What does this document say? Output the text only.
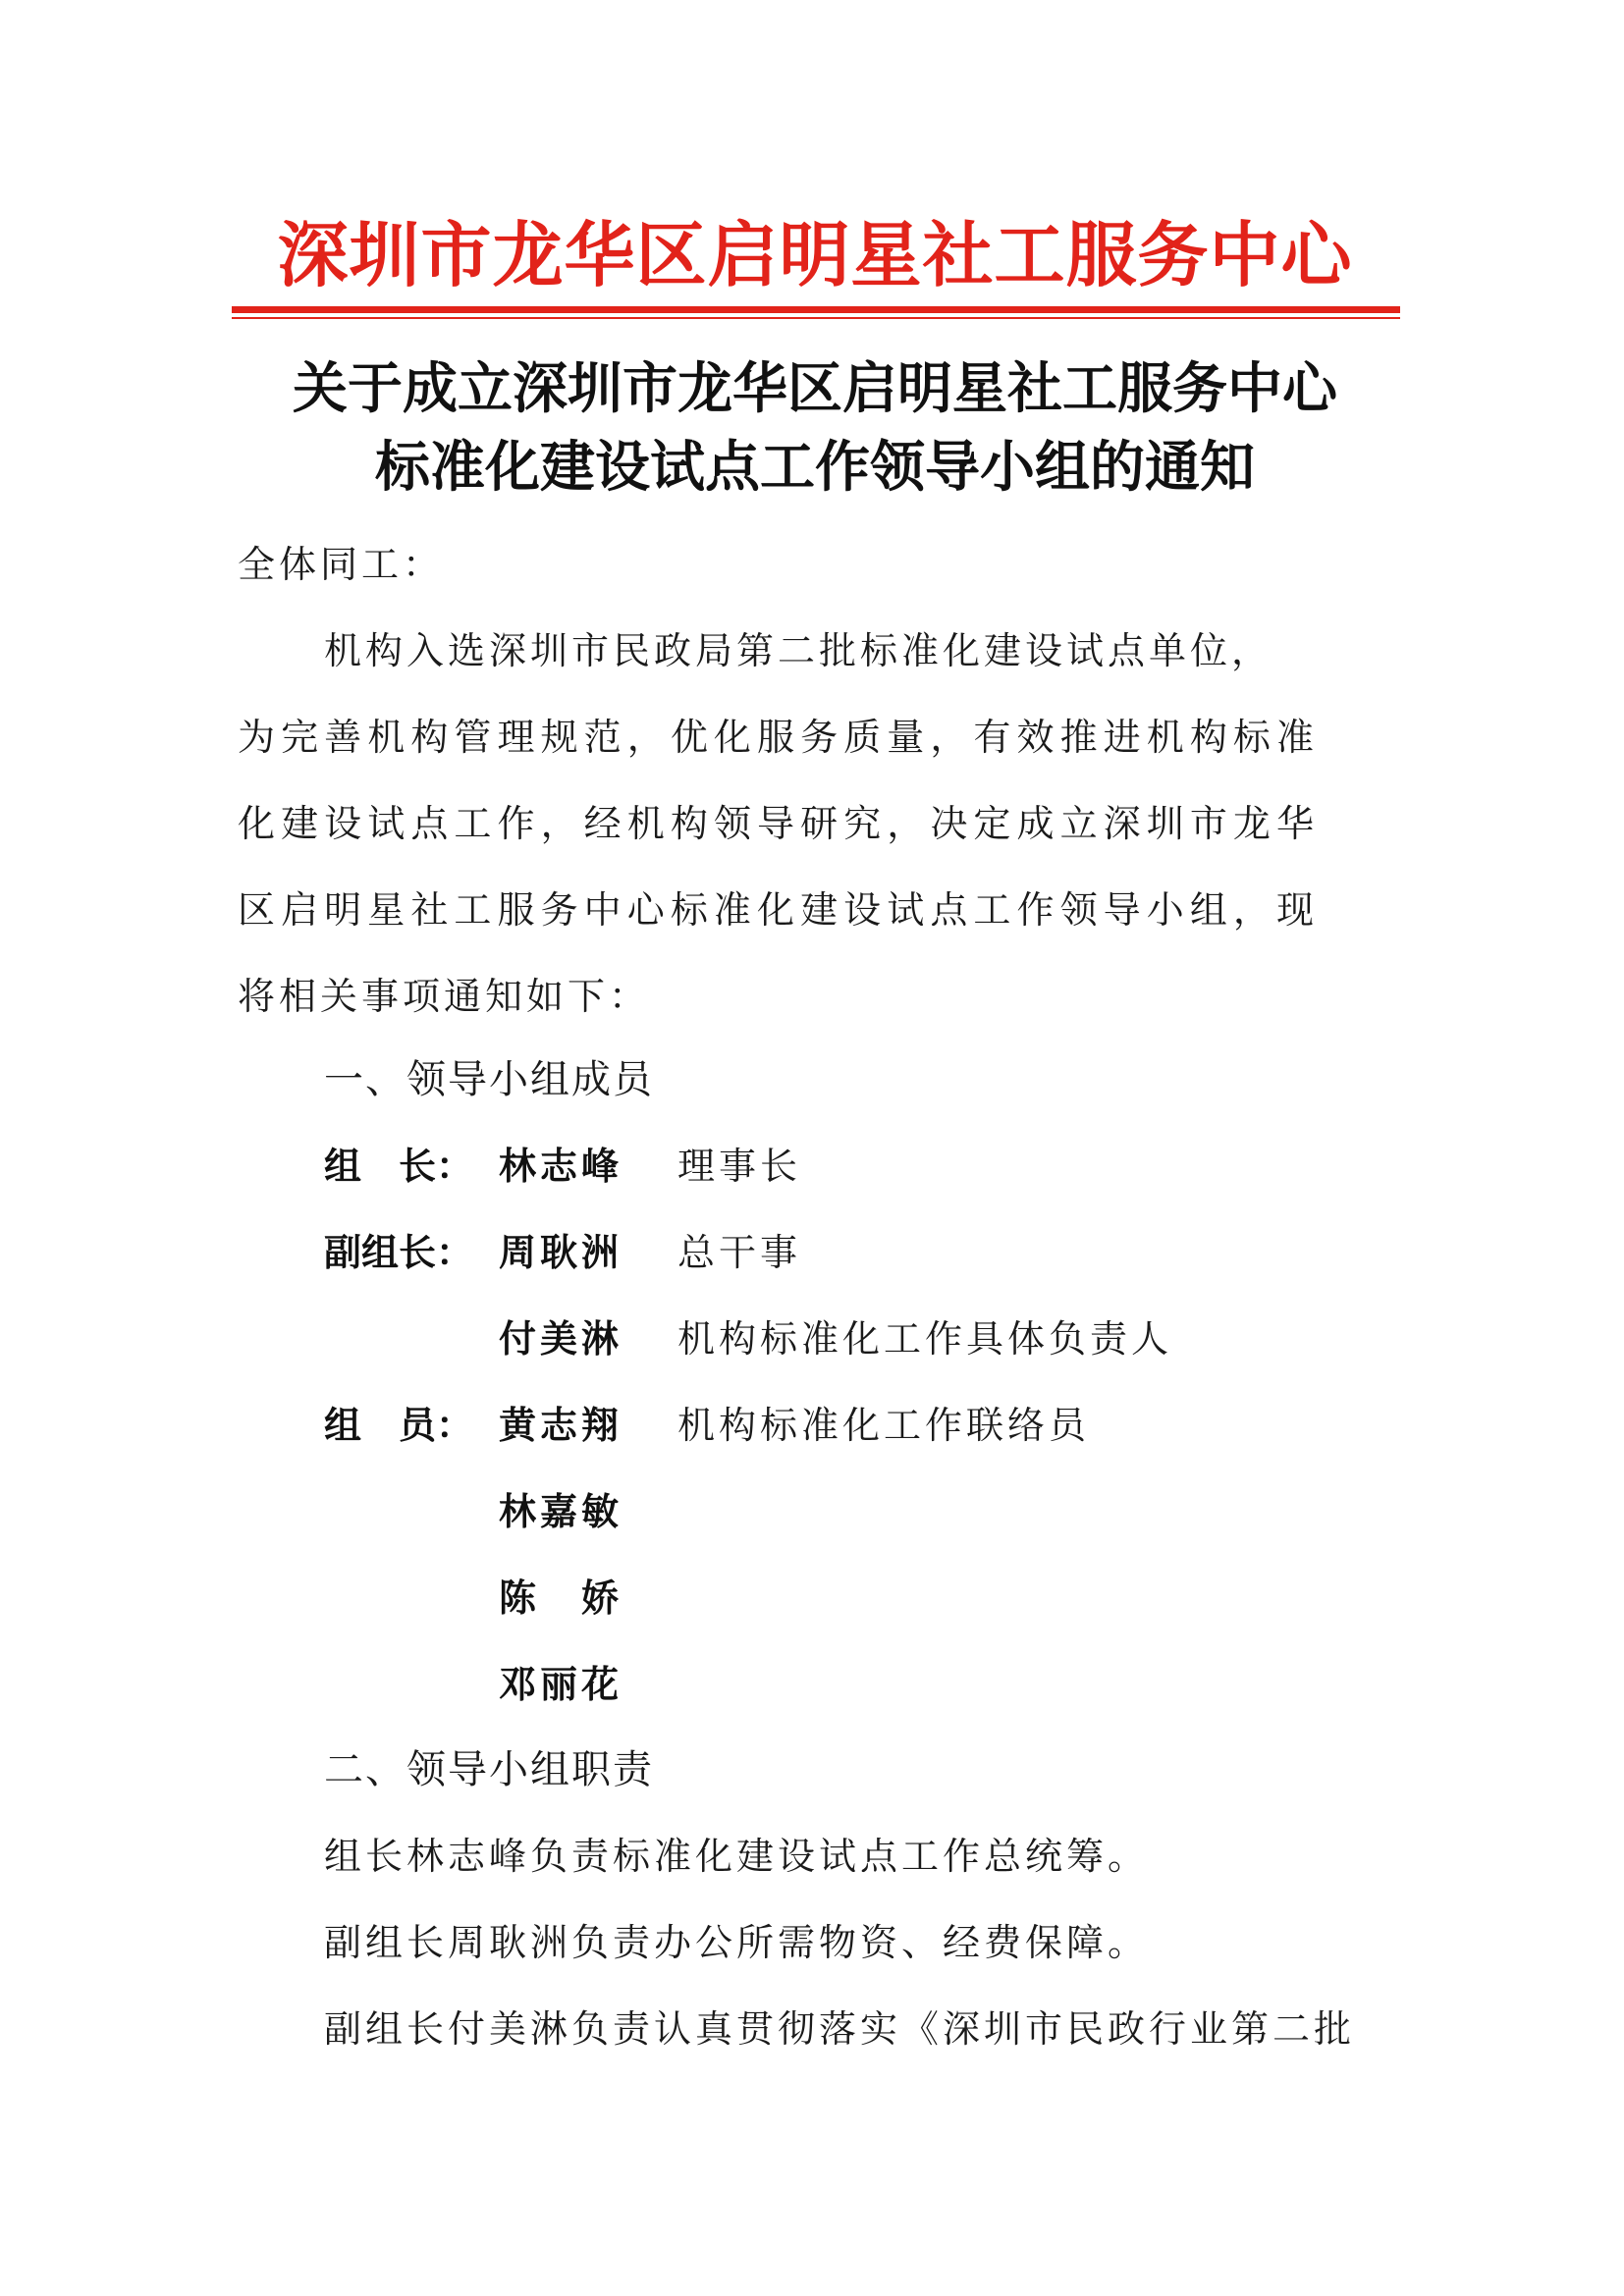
深圳市龙华区启明星社工服务中心
关于成立深圳市龙华区启明星社工服务中心
标准化建设试点工作领导小组的通知
全体同工：
机构入选深圳市民政局第二批标准化建设试点单位，
为完善机构管理规范，优化服务质量，有效推进机构标准
化建设试点工作，经机构领导研究，决定成立深圳市龙华
区启明星社工服务中心标准化建设试点工作领导小组，现
将相关事项通知如下：
一、领导小组成员
组　长： 林志峰 理事长
副组长： 周耿洲 总干事
付美淋 机构标准化工作具体负责人
组　员： 黄志翔 机构标准化工作联络员
林嘉敏
陈　娇
邓丽花
二、领导小组职责
组长林志峰负责标准化建设试点工作总统筹。
副组长周耿洲负责办公所需物资、经费保障。
副组长付美淋负责认真贯彻落实《深圳市民政行业第二批
